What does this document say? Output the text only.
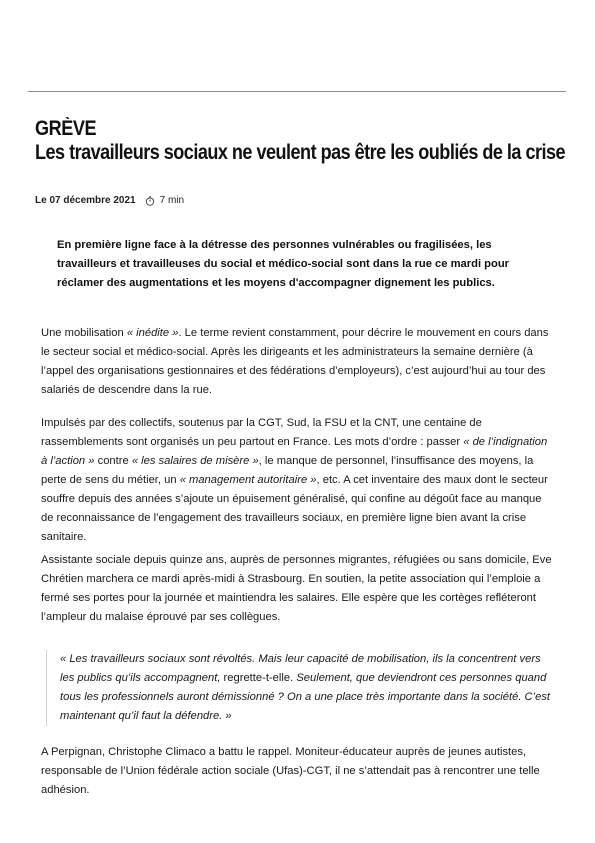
GRÈVE
Les travailleurs sociaux ne veulent pas être les oubliés de la crise
Le 07 décembre 2021 7 min

En première ligne face à la détresse des personnes vulnérables ou fragilisées, les travailleurs et travailleuses du social et médico-social sont dans la rue ce mardi pour réclamer des augmentations et les moyens d'accompagner dignement les publics.

Une mobilisation « inédite ». Le terme revient constamment, pour décrire le mouvement en cours dans le secteur social et médico-social. Après les dirigeants et les administrateurs la semaine dernière (à l’appel des organisations gestionnaires et des fédérations d’employeurs), c’est aujourd’hui au tour des salariés de descendre dans la rue.

Impulsés par des collectifs, soutenus par la CGT, Sud, la FSU et la CNT, une centaine de rassemblements sont organisés un peu partout en France. Les mots d’ordre : passer « de l’indignation à l’action » contre « les salaires de misère », le manque de personnel, l’insuffisance des moyens, la perte de sens du métier, un « management autoritaire », etc. A cet inventaire des maux dont le secteur souffre depuis des années s’ajoute un épuisement généralisé, qui confine au dégoût face au manque de reconnaissance de l’engagement des travailleurs sociaux, en première ligne bien avant la crise sanitaire.

Assistante sociale depuis quinze ans, auprès de personnes migrantes, réfugiées ou sans domicile, Eve Chrétien marchera ce mardi après-midi à Strasbourg. En soutien, la petite association qui l’emploie a fermé ses portes pour la journée et maintiendra les salaires. Elle espère que les cortèges refléteront l’ampleur du malaise éprouvé par ses collègues.

« Les travailleurs sociaux sont révoltés. Mais leur capacité de mobilisation, ils la concentrent vers les publics qu’ils accompagnent, regrette-t-elle. Seulement, que deviendront ces personnes quand tous les professionnels auront démissionné ? On a une place très importante dans la société. C’est maintenant qu’il faut la défendre. »

A Perpignan, Christophe Climaco a battu le rappel. Moniteur-éducateur auprès de jeunes autistes, responsable de l’Union fédérale action sociale (Ufas)-CGT, il ne s’attendait pas à rencontrer une telle adhésion.
